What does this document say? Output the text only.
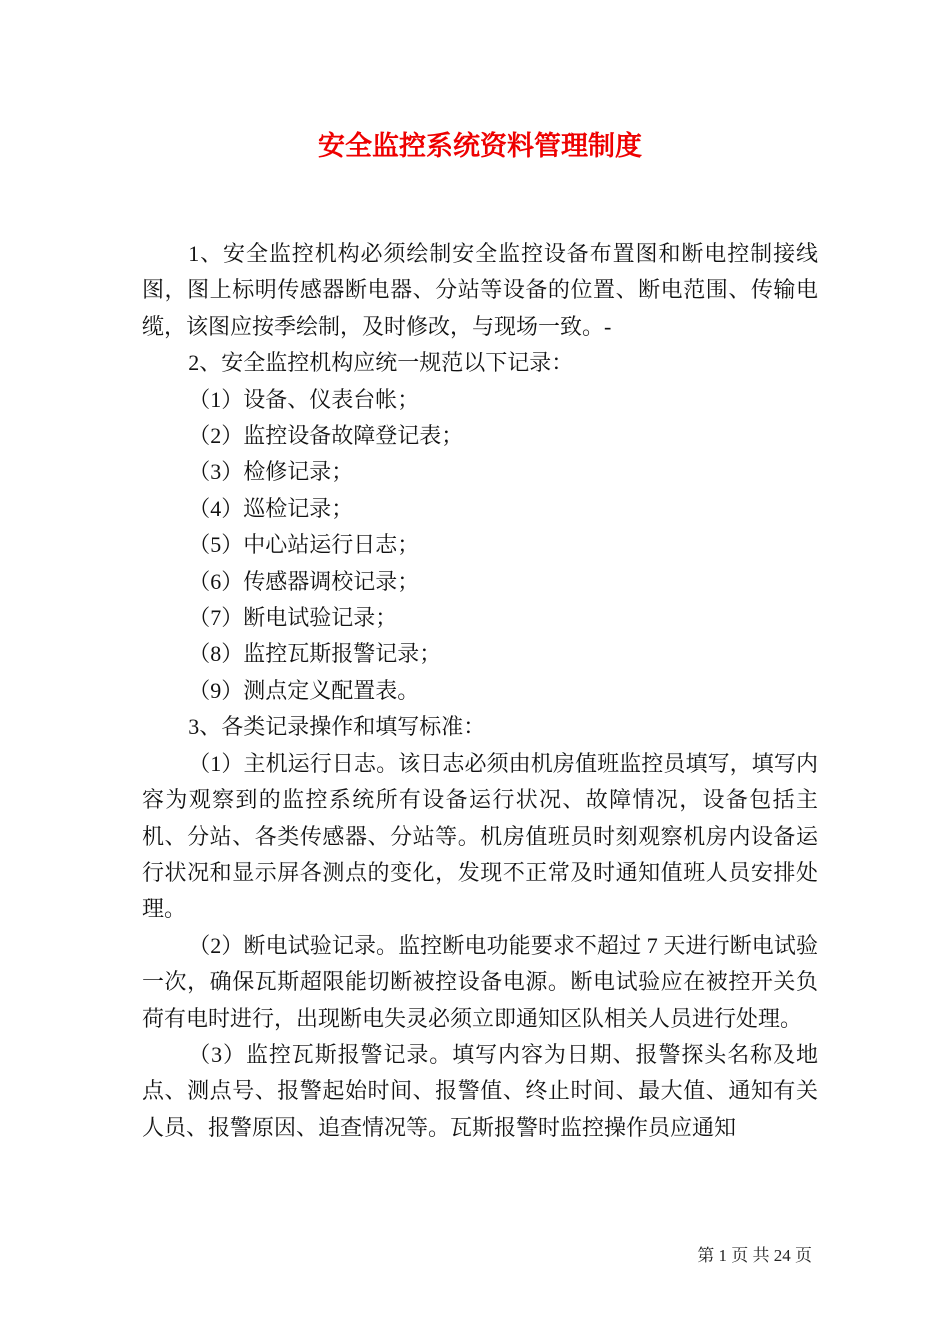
安全监控系统资料管理制度

1、安全监控机构必须绘制安全监控设备布置图和断电控制接线图，图上标明传感器断电器、分站等设备的位置、断电范围、传输电缆，该图应按季绘制，及时修改，与现场一致。-

2、安全监控机构应统一规范以下记录：

（1）设备、仪表台帐；

（2）监控设备故障登记表；

（3）检修记录；

（4）巡检记录；

（5）中心站运行日志；

（6）传感器调校记录；

（7）断电试验记录；

（8）监控瓦斯报警记录；

（9）测点定义配置表。

3、各类记录操作和填写标准：

（1）主机运行日志。该日志必须由机房值班监控员填写，填写内容为观察到的监控系统所有设备运行状况、故障情况，设备包括主机、分站、各类传感器、分站等。机房值班员时刻观察机房内设备运行状况和显示屏各测点的变化，发现不正常及时通知值班人员安排处理。

（2）断电试验记录。监控断电功能要求不超过 7 天进行断电试验一次，确保瓦斯超限能切断被控设备电源。断电试验应在被控开关负荷有电时进行，出现断电失灵必须立即通知区队相关人员进行处理。

（3）监控瓦斯报警记录。填写内容为日期、报警探头名称及地点、测点号、报警起始时间、报警值、终止时间、最大值、通知有关人员、报警原因、追查情况等。瓦斯报警时监控操作员应通知

第 1 页 共 24 页
